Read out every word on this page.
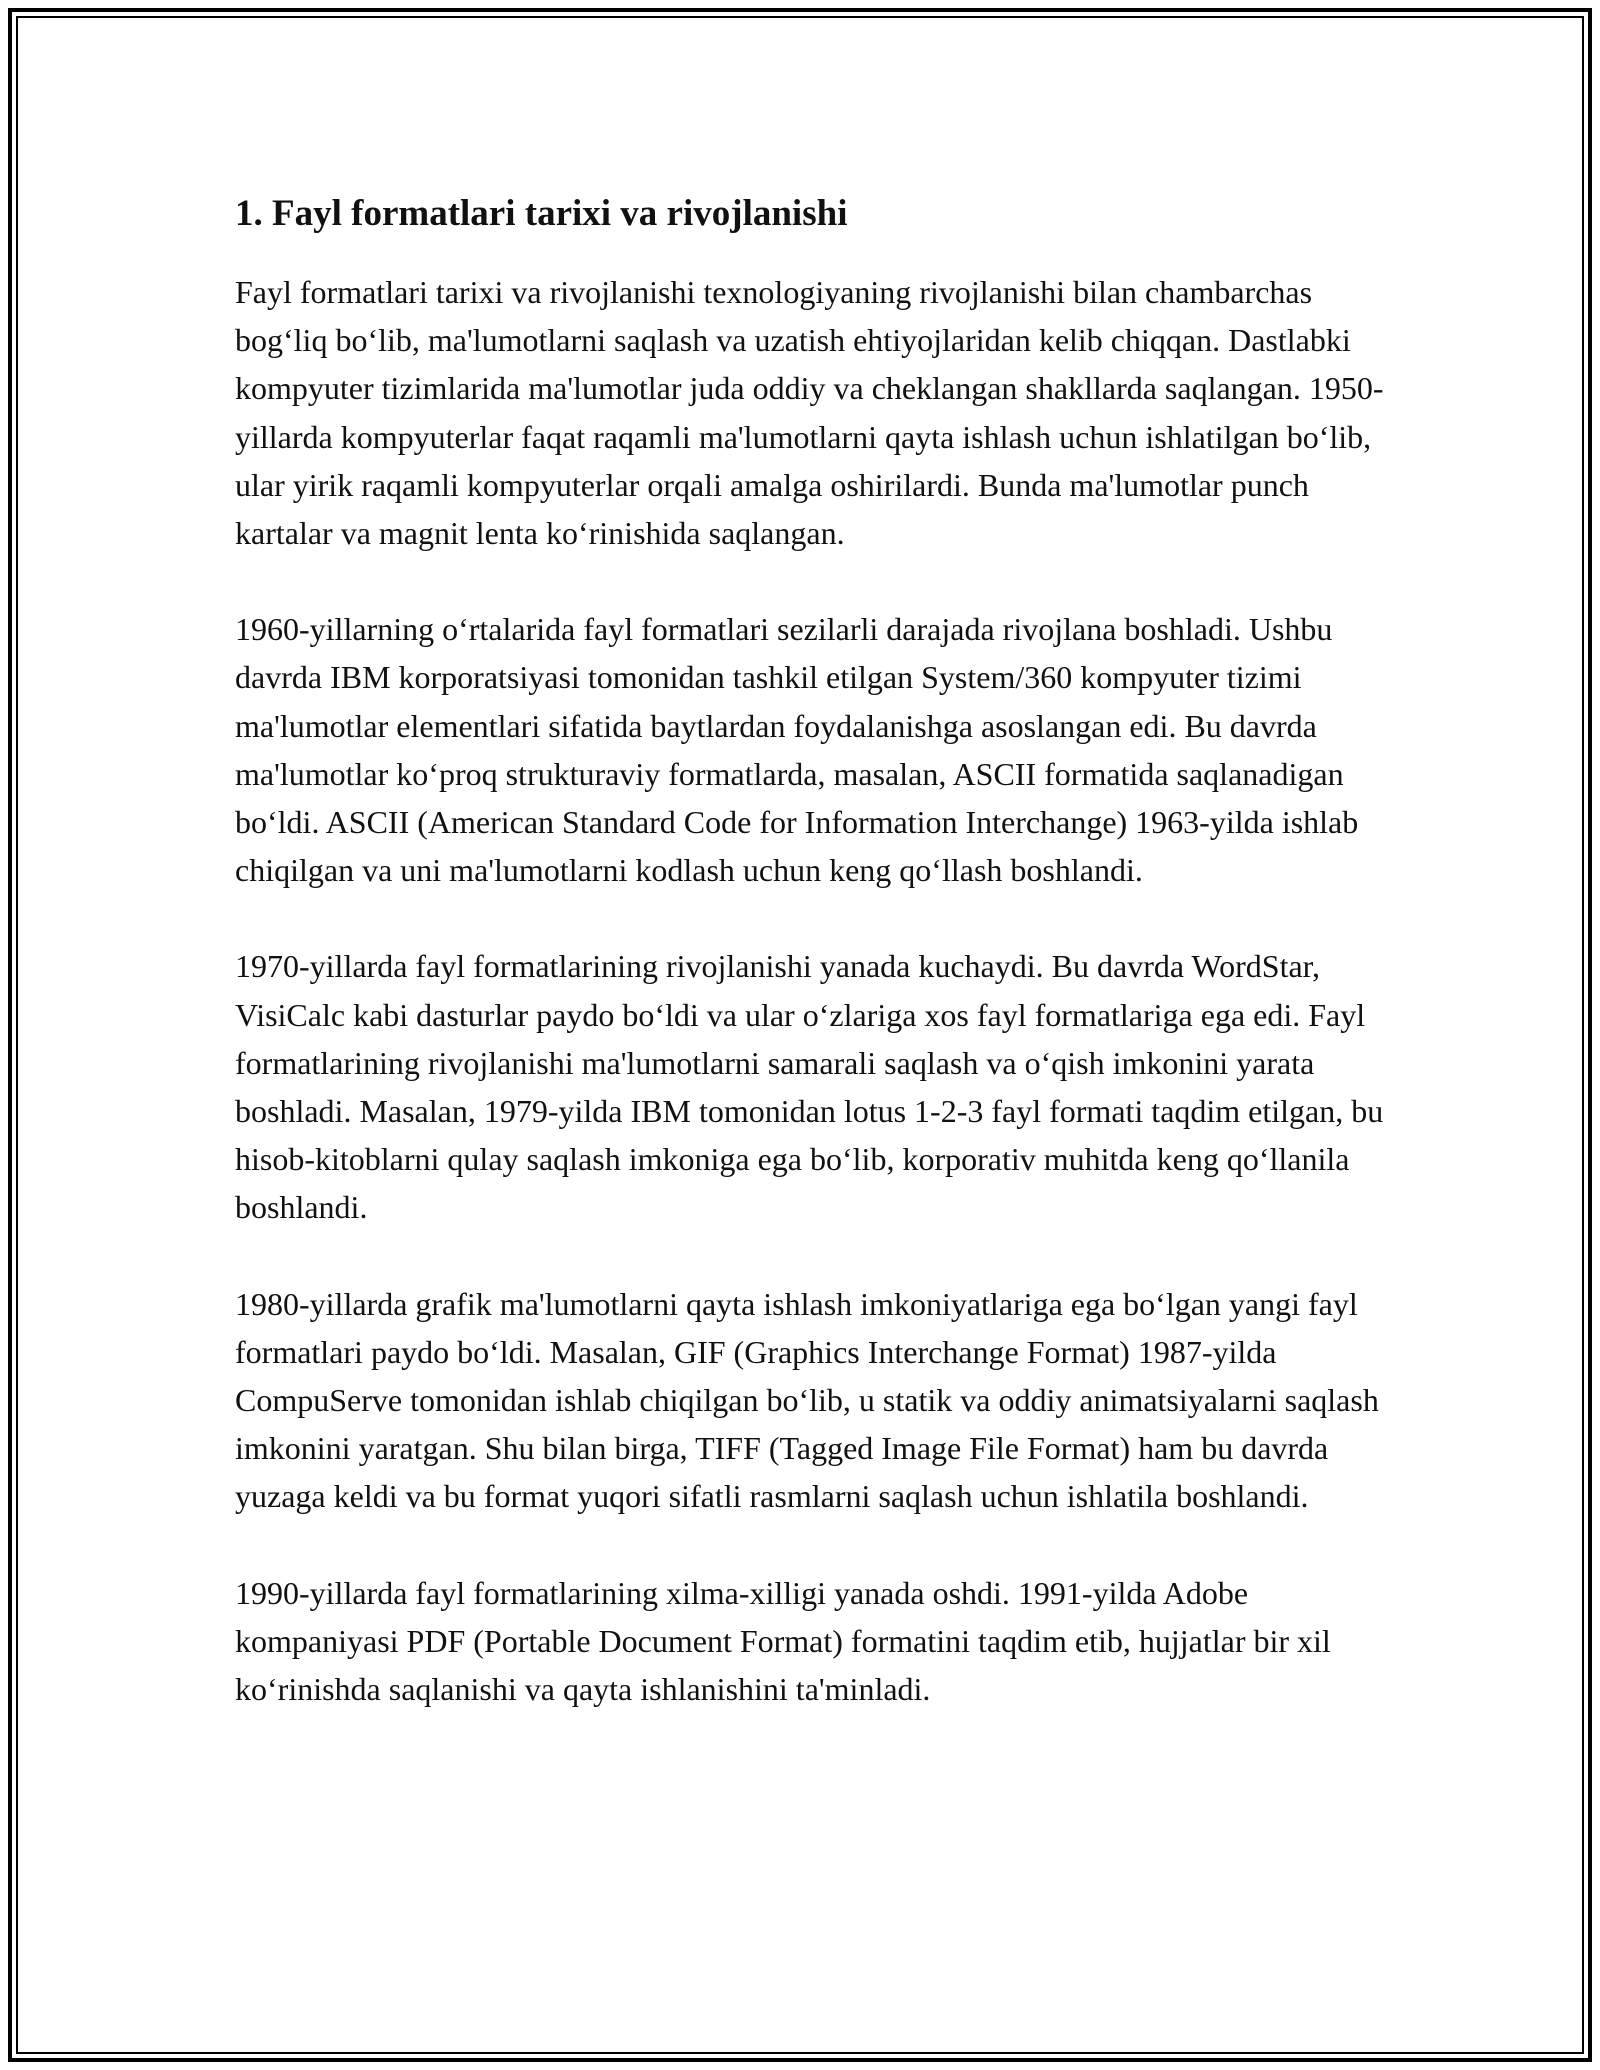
1. Fayl formatlari tarixi va rivojlanishi

Fayl formatlari tarixi va rivojlanishi texnologiyaning rivojlanishi bilan chambarchas bogʻliq boʻlib, ma'lumotlarni saqlash va uzatish ehtiyojlaridan kelib chiqqan. Dastlabki kompyuter tizimlarida ma'lumotlar juda oddiy va cheklangan shakllarda saqlangan. 1950-yillarda kompyuterlar faqat raqamli ma'lumotlarni qayta ishlash uchun ishlatilgan boʻlib, ular yirik raqamli kompyuterlar orqali amalga oshirilardi. Bunda ma'lumotlar punch kartalar va magnit lenta koʻrinishida saqlangan.

1960-yillarning oʻrtalarida fayl formatlari sezilarli darajada rivojlana boshladi. Ushbu davrda IBM korporatsiyasi tomonidan tashkil etilgan System/360 kompyuter tizimi ma'lumotlar elementlari sifatida baytlardan foydalanishga asoslangan edi. Bu davrda ma'lumotlar koʻproq strukturaviy formatlarda, masalan, ASCII formatida saqlanadigan boʻldi. ASCII (American Standard Code for Information Interchange) 1963-yilda ishlab chiqilgan va uni ma'lumotlarni kodlash uchun keng qoʻllash boshlandi.

1970-yillarda fayl formatlarining rivojlanishi yanada kuchaydi. Bu davrda WordStar, VisiCalc kabi dasturlar paydo boʻldi va ular oʻzlariga xos fayl formatlariga ega edi. Fayl formatlarining rivojlanishi ma'lumotlarni samarali saqlash va oʻqish imkonini yarata boshladi. Masalan, 1979-yilda IBM tomonidan lotus 1-2-3 fayl formati taqdim etilgan, bu hisob-kitoblarni qulay saqlash imkoniga ega boʻlib, korporativ muhitda keng qoʻllanila boshlandi.

1980-yillarda grafik ma'lumotlarni qayta ishlash imkoniyatlariga ega boʻlgan yangi fayl formatlari paydo boʻldi. Masalan, GIF (Graphics Interchange Format) 1987-yilda CompuServe tomonidan ishlab chiqilgan boʻlib, u statik va oddiy animatsiyalarni saqlash imkonini yaratgan. Shu bilan birga, TIFF (Tagged Image File Format) ham bu davrda yuzaga keldi va bu format yuqori sifatli rasmlarni saqlash uchun ishlatila boshlandi.

1990-yillarda fayl formatlarining xilma-xilligi yanada oshdi. 1991-yilda Adobe kompaniyasi PDF (Portable Document Format) formatini taqdim etib, hujjatlar bir xil koʻrinishda saqlanishi va qayta ishlanishini ta'minladi.
